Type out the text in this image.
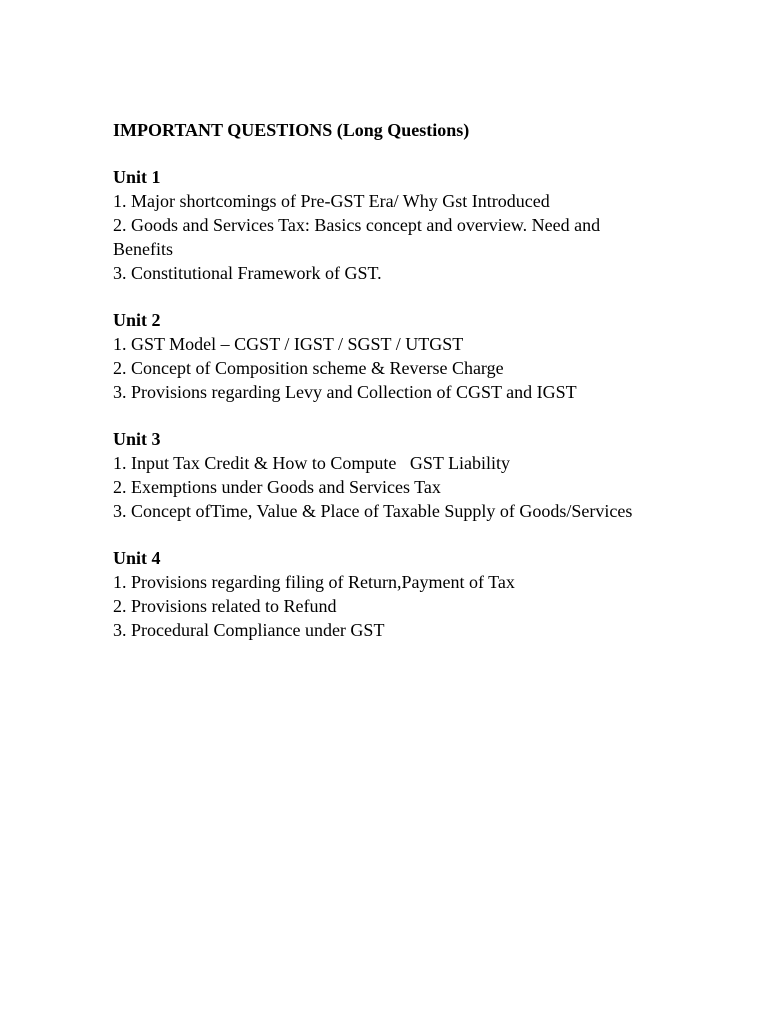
IMPORTANT QUESTIONS (Long Questions)

Unit 1

1. Major shortcomings of Pre-GST Era/ Why Gst Introduced

2. Goods and Services Tax: Basics concept and overview. Need and Benefits

3. Constitutional Framework of GST.

Unit 2

1. GST Model – CGST / IGST / SGST / UTGST

2. Concept of Composition scheme & Reverse Charge

3. Provisions regarding Levy and Collection of CGST and IGST

Unit 3

1. Input Tax Credit & How to Compute   GST Liability

2. Exemptions under Goods and Services Tax

3. Concept ofTime, Value & Place of Taxable Supply of Goods/Services

Unit 4

1. Provisions regarding filing of Return,Payment of Tax

2. Provisions related to Refund

3. Procedural Compliance under GST
